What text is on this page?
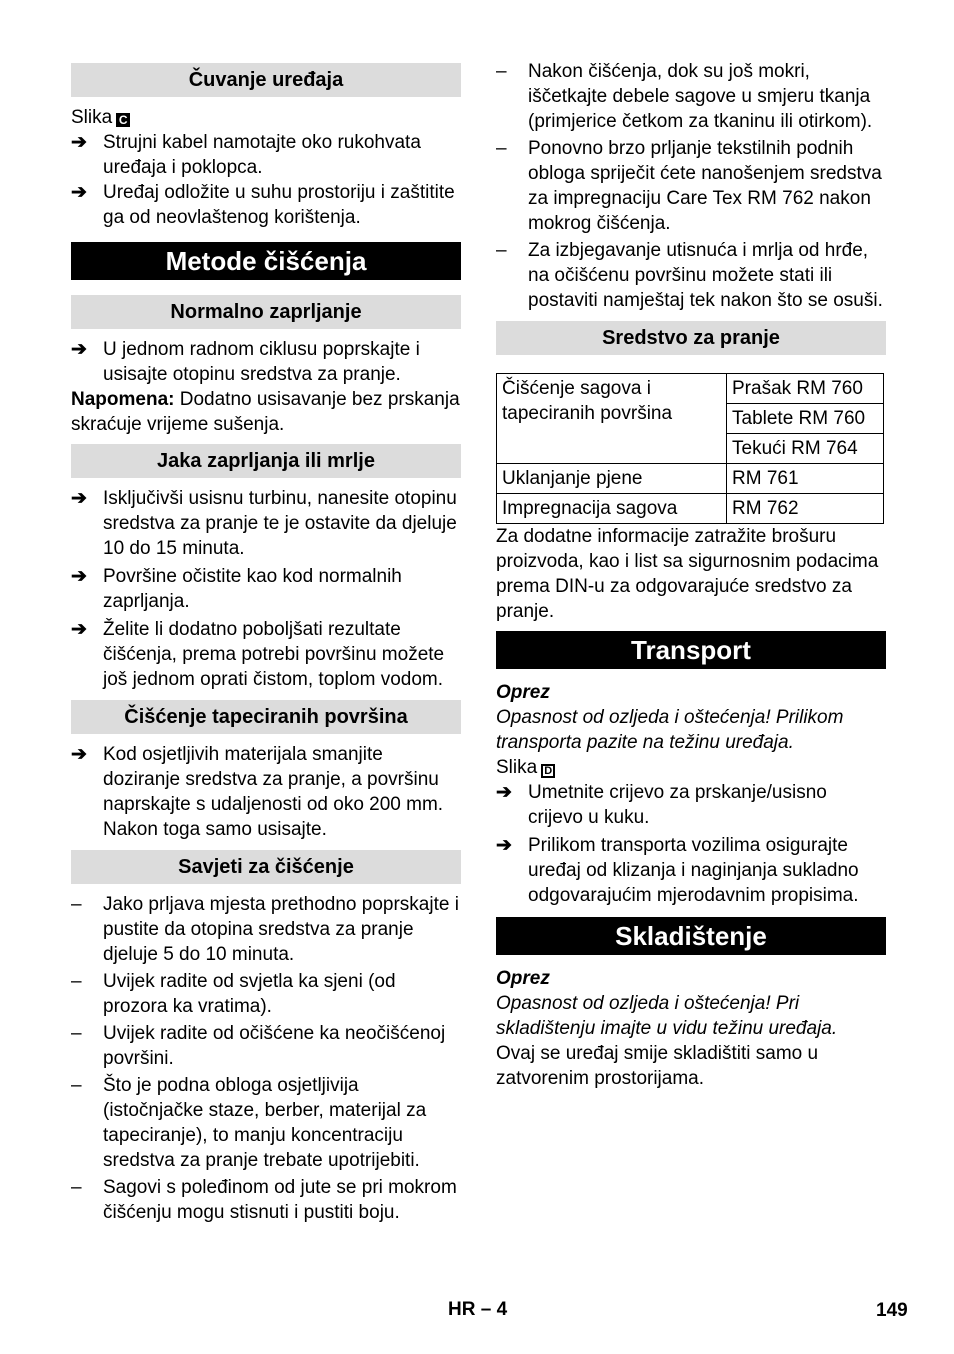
Čuvanje uređaja

Slika C

➔ Strujni kabel namotajte oko rukohvata uređaja i poklopca.

➔ Uređaj odložite u suhu prostoriju i zaštitite ga od neovlaštenog korištenja.

Metode čišćenja
Normalno zaprljanje

➔ U jednom radnom ciklusu poprskajte i usisajte otopinu sredstva za pranje.

Napomena: Dodatno usisavanje bez prskanja skraćuje vrijeme sušenja.

Jaka zaprljanja ili mrlje

➔ Isključivši usisnu turbinu, nanesite otopinu sredstva za pranje te je ostavite da djeluje 10 do 15 minuta.

➔ Površine očistite kao kod normalnih zaprljanja.

➔ Želite li dodatno poboljšati rezultate čišćenja, prema potrebi površinu možete još jednom oprati čistom, toplom vodom.

Čišćenje tapeciranih površina

➔ Kod osjetljivih materijala smanjite doziranje sredstva za pranje, a površinu naprskajte s udaljenosti od oko 200 mm. Nakon toga samo usisajte.

Savjeti za čišćenje

– Jako prljava mjesta prethodno poprskajte i pustite da otopina sredstva za pranje djeluje 5 do 10 minuta.

– Uvijek radite od svjetla ka sjeni (od prozora ka vratima).

– Uvijek radite od očišćene ka neočišćenoj površini.

– Što je podna obloga osjetljivija (istočnjačke staze, berber, materijal za tapeciranje), to manju koncentraciju sredstva za pranje trebate upotrijebiti.

– Sagovi s poleđinom od jute se pri mokrom čišćenju mogu stisnuti i pustiti boju.

– Nakon čišćenja, dok su još mokri, iščetkajte debele sagove u smjeru tkanja (primjerice četkom za tkaninu ili otirkom).

– Ponovno brzo prljanje tekstilnih podnih obloga spriječit ćete nanošenjem sredstva za impregnaciju Care Tex RM 762 nakon mokrog čišćenja.

– Za izbjegavanje utisnuća i mrlja od hrđe, na očišćenu površinu možete stati ili postaviti namještaj tek nakon što se osuši.

Sredstvo za pranje
Čišćenje sagova i tapeciranih površina	Prašak RM 760
	Tablete RM 760
	Tekući RM 764
Uklanjanje pjene	RM 761
Impregnacija sagova	RM 762

Za dodatne informacije zatražite brošuru proizvoda, kao i list sa sigurnosnim podacima prema DIN-u za odgovarajuće sredstvo za pranje.

Transport

Oprez

Opasnost od ozljeda i oštećenja! Prilikom transporta pazite na težinu uređaja.

Slika D

➔ Umetnite crijevo za prskanje/usisno crijevo u kuku.

➔ Prilikom transporta vozilima osigurajte uređaj od klizanja i naginjanja sukladno odgovarajućim mjerodavnim propisima.

Skladištenje

Oprez

Opasnost od ozljeda i oštećenja! Pri skladištenju imajte u vidu težinu uređaja.

Ovaj se uređaj smije skladištiti samo u zatvorenim prostorijama.

HR – 4	149
